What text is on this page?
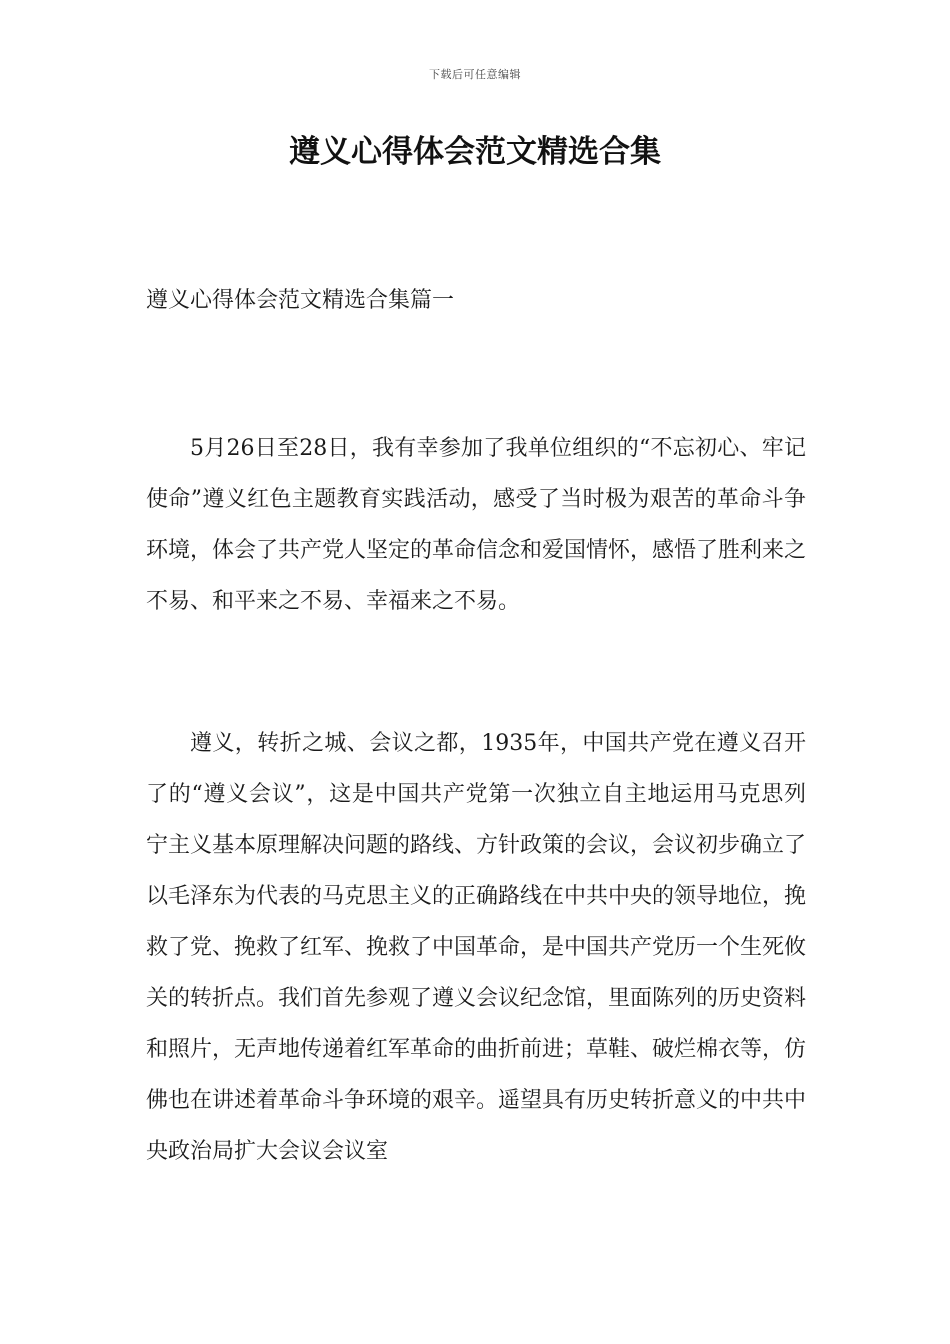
下载后可任意编辑
遵义心得体会范文精选合集
遵义心得体会范文精选合集篇一

5月26日至28日，我有幸参加了我单位组织的“不忘初心、牢记使命”遵义红色主题教育实践活动，感受了当时极为艰苦的革命斗争环境，体会了共产党人坚定的革命信念和爱国情怀，感悟了胜利来之不易、和平来之不易、幸福来之不易。

遵义，转折之城、会议之都，1935年，中国共产党在遵义召开了的“遵义会议”，这是中国共产党第一次独立自主地运用马克思列宁主义基本原理解决问题的路线、方针政策的会议，会议初步确立了以毛泽东为代表的马克思主义的正确路线在中共中央的领导地位，挽救了党、挽救了红军、挽救了中国革命，是中国共产党历一个生死攸关的转折点。我们首先参观了遵义会议纪念馆，里面陈列的历史资料和照片，无声地传递着红军革命的曲折前进；草鞋、破烂棉衣等，仿佛也在讲述着革命斗争环境的艰辛。遥望具有历史转折意义的中共中央政治局扩大会议会议室
